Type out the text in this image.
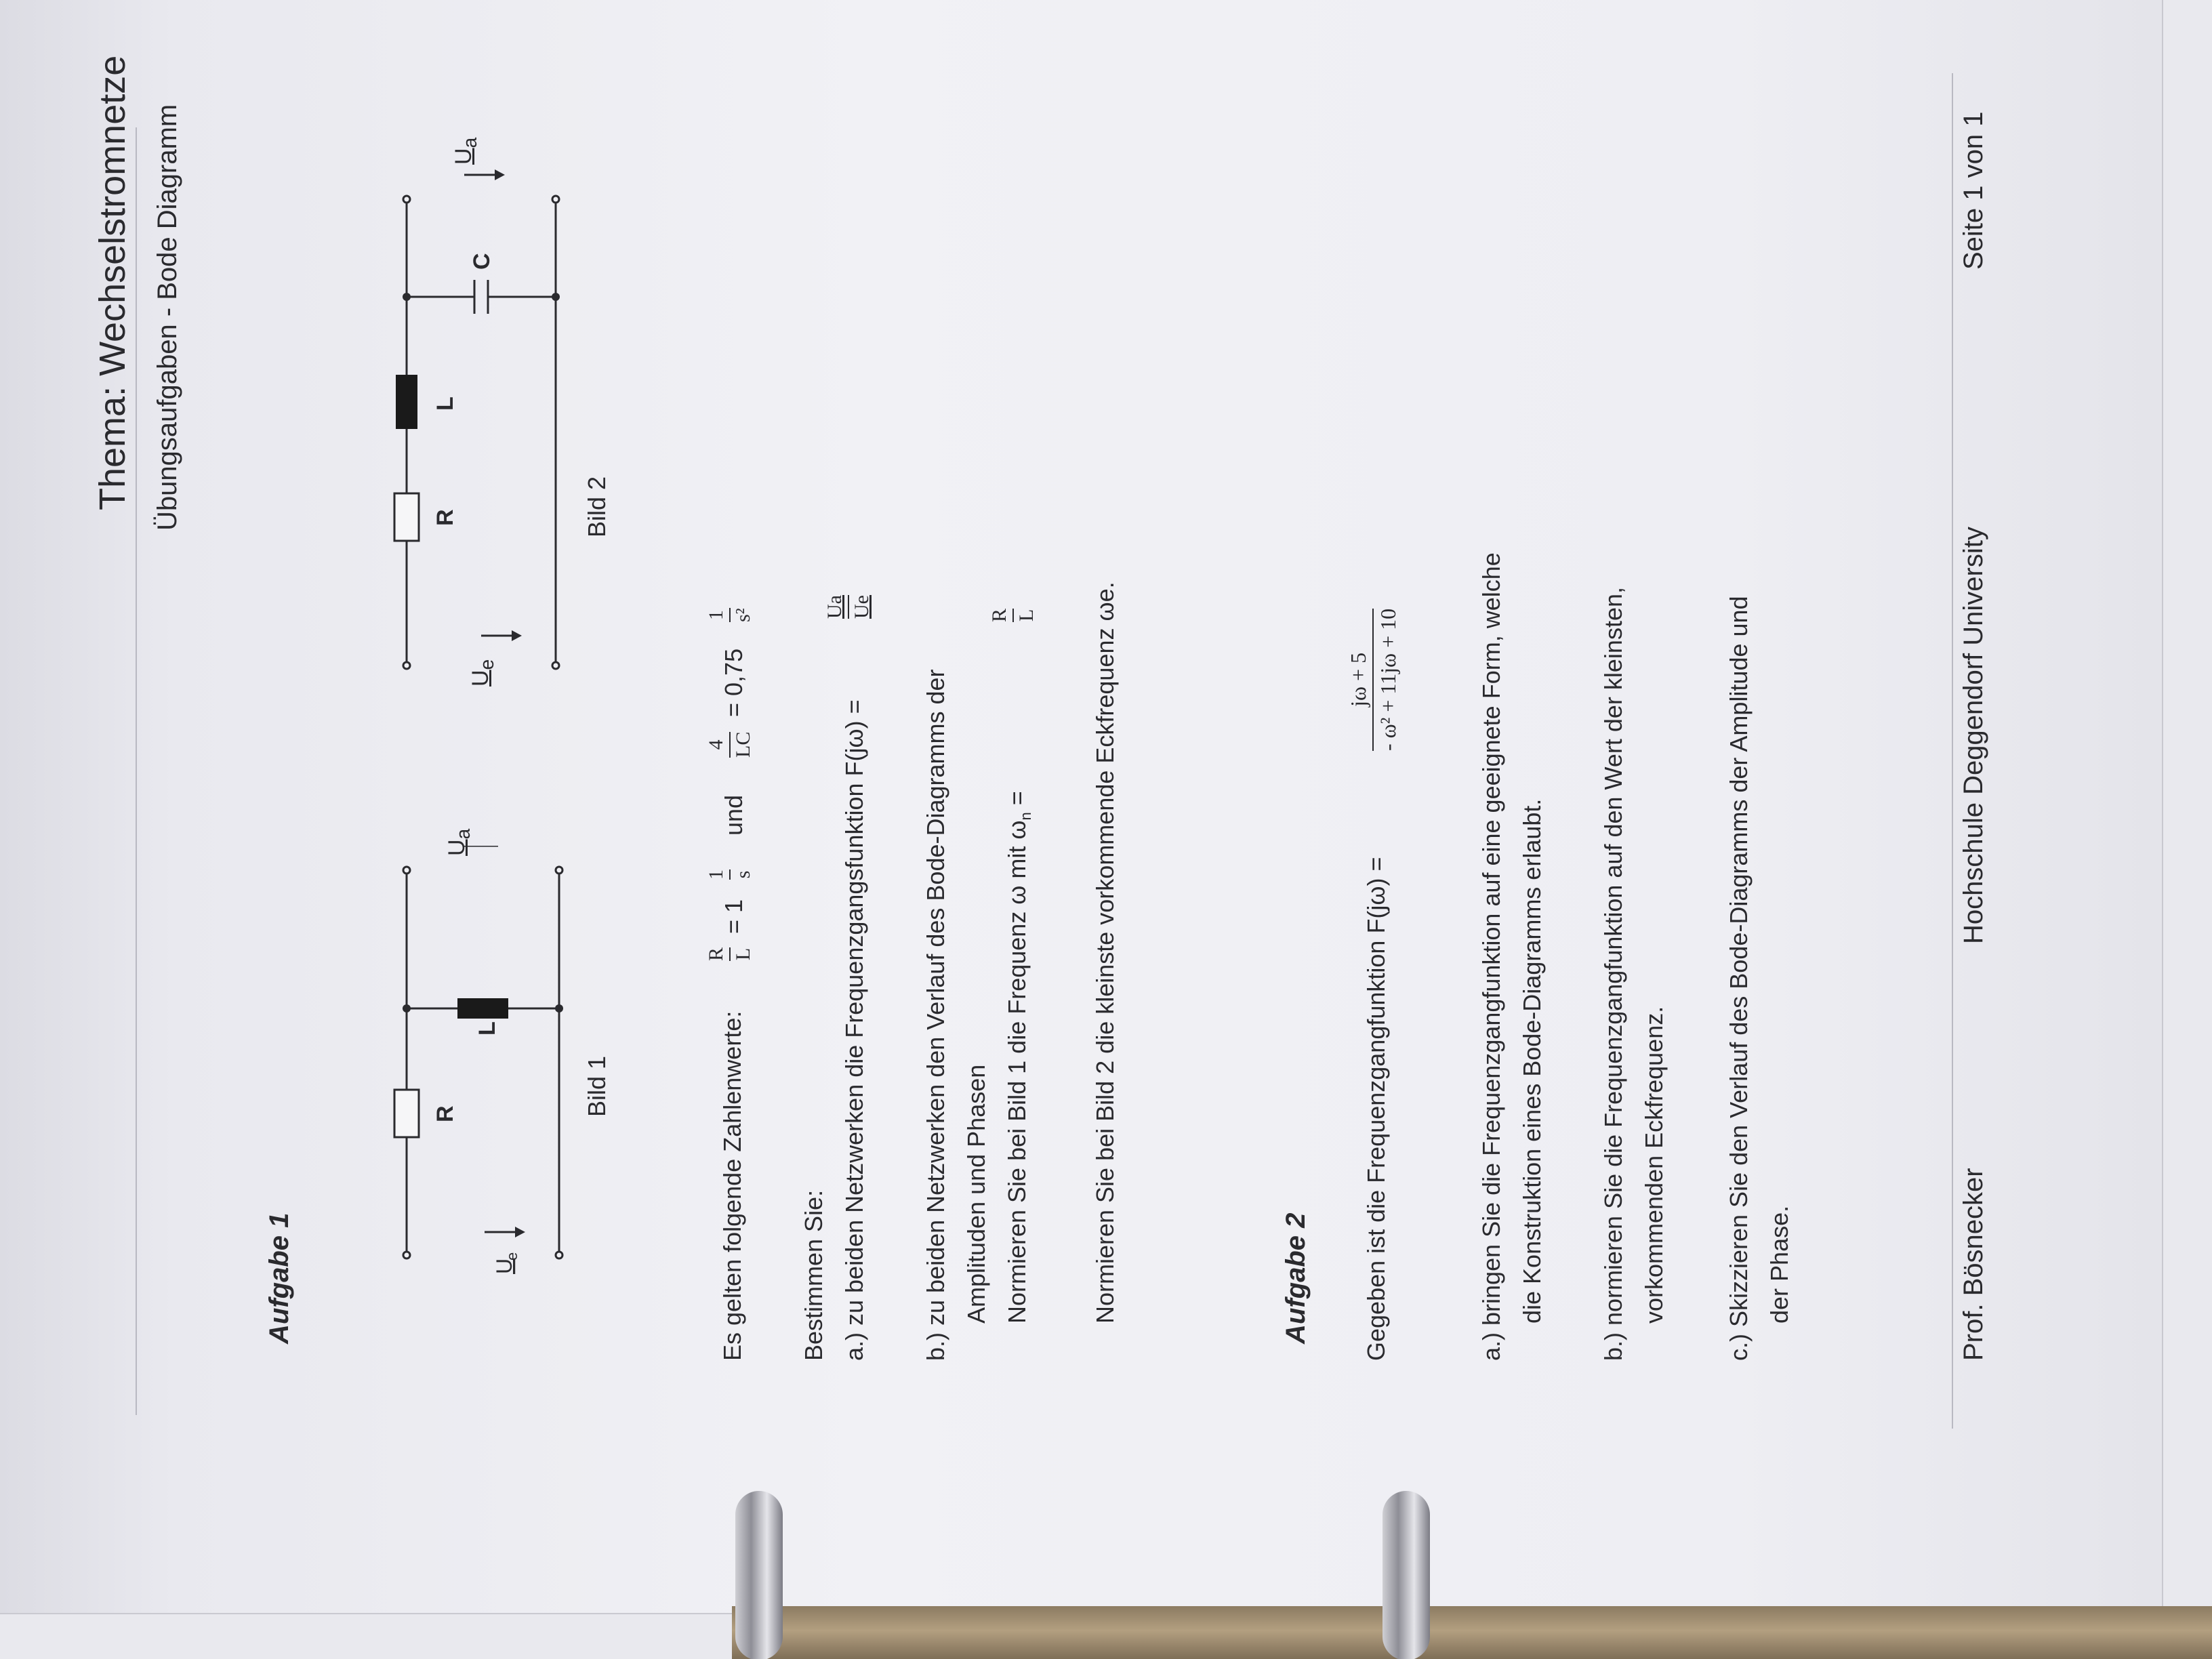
Thema: Wechselstromnetze Übungsaufgaben - Bode Diagramm
Aufgabe 1
R
L
U
e
$U_a$
Bild 1
R
L
C
$U_e$
$U_a$
Bild 2
Es gelten folgende Zahlenwerte:
R L
= 1
1 s
und
4 LC
= 0,75
1 s²
Bestimmen Sie: a.) zu beiden Netzwerken die Frequenzgangsfunktion F(jω) =
Ua Ue
b.) zu beiden Netzwerken den Verlauf des Bode-Diagramms der Amplituden und Phasen Normieren Sie bei Bild 1 die Frequenz ω mit $\omega_n$ =
R L Normieren Sie bei Bild 2 die kleinste vorkommende Eckfrequenz ωe.	Aufgabe 2 Gegeben ist die Frequenzgangfunktion F(jω) =
jω + 5 - ω² + 11jω + 10	a.) bringen Sie die Frequenzgangfunktion auf eine geeignete Form, welche die Konstruktion eines Bode-Diagramms erlaubt. b.) normieren Sie die Frequenzgangfunktion auf den Wert der kleinsten, vorkommenden Eckfrequenz. c.) Skizzieren Sie den Verlauf des Bode-Diagramms der Amplitude und der Phase.	Prof. Bösnecker
Hochschule Deggendorf University
Seite 1 von 1
